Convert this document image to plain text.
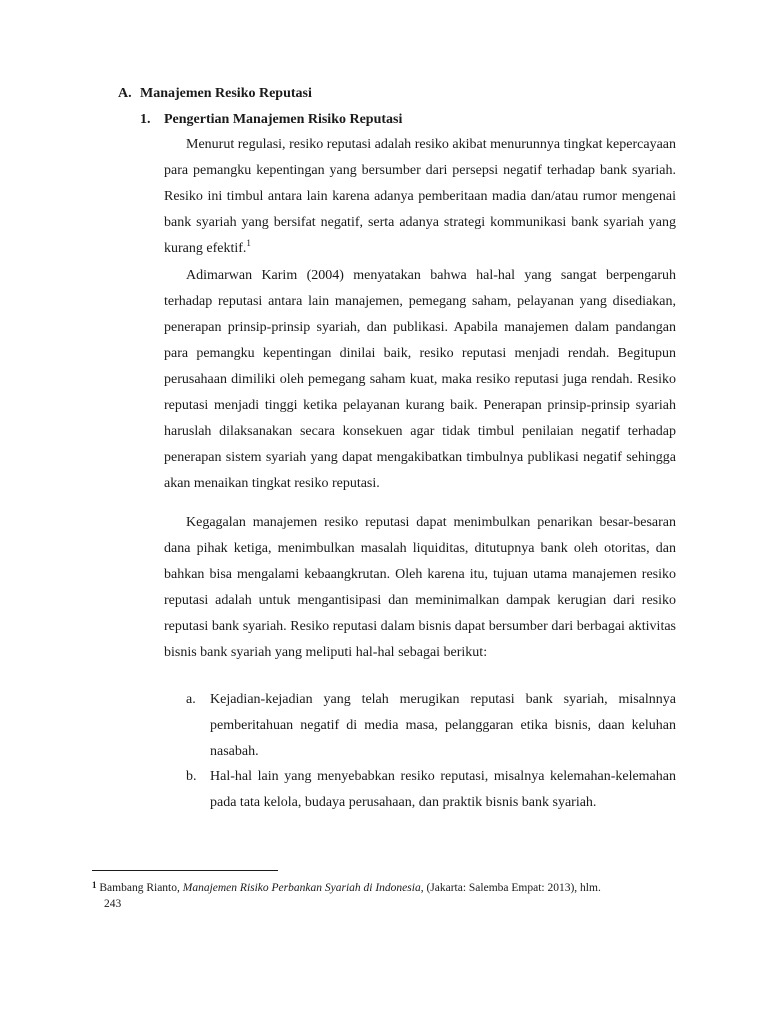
A. Manajemen Resiko Reputasi
1. Pengertian Manajemen Risiko Reputasi

Menurut regulasi, resiko reputasi adalah resiko akibat menurunnya tingkat kepercayaan para pemangku kepentingan yang bersumber dari persepsi negatif terhadap bank syariah. Resiko ini timbul antara lain karena adanya pemberitaan madia dan/atau rumor mengenai bank syariah yang bersifat negatif, serta adanya strategi kommunikasi bank syariah yang kurang efektif.$^1$

Adimarwan Karim (2004) menyatakan bahwa hal-hal yang sangat berpengaruh terhadap reputasi antara lain manajemen, pemegang saham, pelayanan yang disediakan, penerapan prinsip-prinsip syariah, dan publikasi. Apabila manajemen dalam pandangan para pemangku kepentingan dinilai baik, resiko reputasi menjadi rendah. Begitupun perusahaan dimiliki oleh pemegang saham kuat, maka resiko reputasi juga rendah. Resiko reputasi menjadi tinggi ketika pelayanan kurang baik. Penerapan prinsip-prinsip syariah haruslah dilaksanakan secara konsekuen agar tidak timbul penilaian negatif terhadap penerapan sistem syariah yang dapat mengakibatkan timbulnya publikasi negatif sehingga akan menaikan tingkat resiko reputasi.

Kegagalan manajemen resiko reputasi dapat menimbulkan penarikan besar-besaran dana pihak ketiga, menimbulkan masalah liquiditas, ditutupnya bank oleh otoritas, dan bahkan bisa mengalami kebaangkrutan. Oleh karena itu, tujuan utama manajemen resiko reputasi adalah untuk mengantisipasi dan meminimalkan dampak kerugian dari resiko reputasi bank syariah. Resiko reputasi dalam bisnis dapat bersumber dari berbagai aktivitas bisnis bank syariah yang meliputi hal-hal sebagai berikut:

a. Kejadian-kejadian yang telah merugikan reputasi bank syariah, misalnnya pemberitahuan negatif di media masa, pelanggaran etika bisnis, daan keluhan nasabah.
b. Hal-hal lain yang menyebabkan resiko reputasi, misalnya kelemahan-kelemahan pada tata kelola, budaya perusahaan, dan praktik bisnis bank syariah.
$^1$ Bambang Rianto, Manajemen Risiko Perbankan Syariah di Indonesia, (Jakarta: Salemba Empat: 2013), hlm.
243
